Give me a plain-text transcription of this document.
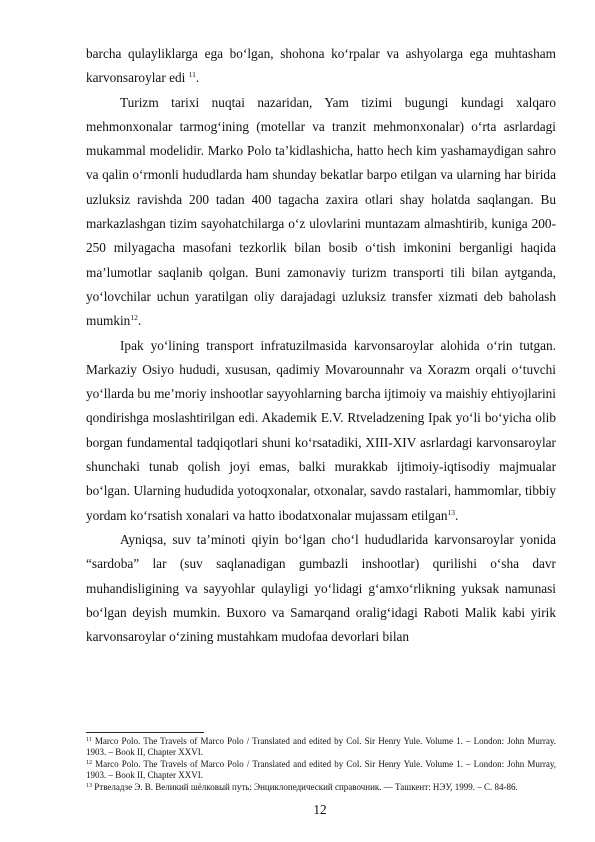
barcha qulayliklarga ega bo‘lgan, shohona ko‘rpalar va ashyolarga ega muhtasham karvonsaroylar edi $^{11}$.

Turizm tarixi nuqtai nazaridan, Yam tizimi bugungi kundagi xalqaro mehmonxonalar tarmog‘ining (motellar va tranzit mehmonxonalar) o‘rta asrlardagi mukammal modelidir. Marko Polo ta’kidlashicha, hatto hech kim yashamaydigan sahro va qalin o‘rmonli hududlarda ham shunday bekatlar barpo etilgan va ularning har birida uzluksiz ravishda 200 tadan 400 tagacha zaxira otlari shay holatda saqlangan. Bu markazlashgan tizim sayohatchilarga o‘z ulovlarini muntazam almashtirib, kuniga 200-250 milyagacha masofani tezkorlik bilan bosib o‘tish imkonini berganligi haqida ma’lumotlar saqlanib qolgan. Buni zamonaviy turizm transporti tili bilan aytganda, yo‘lovchilar uchun yaratilgan oliy darajadagi uzluksiz transfer xizmati deb baholash mumkin$^{12}$.

Ipak yo‘lining transport infratuzilmasida karvonsaroylar alohida o‘rin tutgan. Markaziy Osiyo hududi, xususan, qadimiy Movarounnahr va Xorazm orqali o‘tuvchi yo‘llarda bu me’moriy inshootlar sayyohlarning barcha ijtimoiy va maishiy ehtiyojlarini qondirishga moslashtirilgan edi. Akademik E.V. Rtveladzening Ipak yo‘li bo‘yicha olib borgan fundamental tadqiqotlari shuni ko‘rsatadiki, XIII-XIV asrlardagi karvonsaroylar shunchaki tunab qolish joyi emas, balki murakkab ijtimoiy-iqtisodiy majmualar bo‘lgan. Ularning hududida yotoqxonalar, otxonalar, savdo rastalari, hammomlar, tibbiy yordam ko‘rsatish xonalari va hatto ibodatxonalar mujassam etilgan$^{13}$.

Ayniqsa, suv ta’minoti qiyin bo‘lgan cho‘l hududlarida karvonsaroylar yonida “sardoba” lar (suv saqlanadigan gumbazli inshootlar) qurilishi o‘sha davr muhandisligining va sayyohlar qulayligi yo‘lidagi g‘amxo‘rlikning yuksak namunasi bo‘lgan deyish mumkin. Buxoro va Samarqand oralig‘idagi Raboti Malik kabi yirik karvonsaroylar o‘zining mustahkam mudofaa devorlari bilan

$^{11}$ Marco Polo. The Travels of Marco Polo / Translated and edited by Col. Sir Henry Yule. Volume 1. – London: John Murray. 1903. – Book II, Chapter XXVI.

$^{12}$ Marco Polo. The Travels of Marco Polo / Translated and edited by Col. Sir Henry Yule. Volume 1. – London: John Murray, 1903. – Book II, Chapter XXVI.

$^{13}$ Ртвеладзе Э. В. Великий шёлковый путь: Энциклопедический справочник. — Ташкент: НЭУ, 1999. – С. 84-86.

12
